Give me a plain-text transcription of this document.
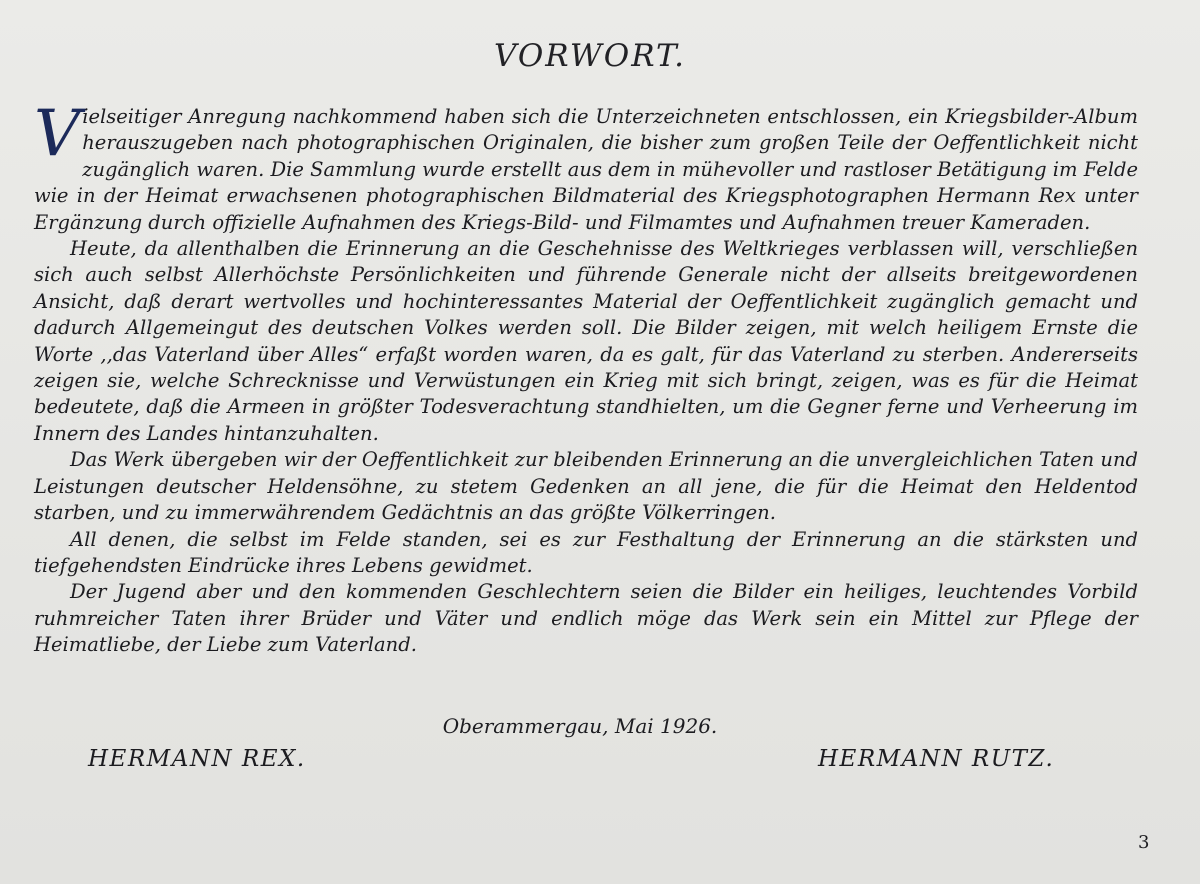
VORWORT.

Vielseitiger Anregung nachkommend haben sich die Unterzeichneten entschlossen, ein Kriegsbilder-Album herauszugeben nach photographischen Originalen, die bisher zum großen Teile der Oeffentlichkeit nicht zugänglich waren. Die Sammlung wurde erstellt aus dem in mühevoller und rastloser Betätigung im Felde wie in der Heimat erwachsenen photographischen Bildmaterial des Kriegsphotographen Hermann Rex unter Ergänzung durch offizielle Aufnahmen des Kriegs-Bild- und Filmamtes und Aufnahmen treuer Kameraden.

Heute, da allenthalben die Erinnerung an die Geschehnisse des Weltkrieges verblassen will, verschließen sich auch selbst Allerhöchste Persönlichkeiten und führende Generale nicht der allseits breitgewordenen Ansicht, daß derart wertvolles und hochinteressantes Material der Oeffentlichkeit zugänglich gemacht und dadurch Allgemeingut des deutschen Volkes werden soll. Die Bilder zeigen, mit welch heiligem Ernste die Worte ,,das Vaterland über Alles“ erfaßt worden waren, da es galt, für das Vaterland zu sterben. Andererseits zeigen sie, welche Schrecknisse und Verwüstungen ein Krieg mit sich bringt, zeigen, was es für die Heimat bedeutete, daß die Armeen in größter Todesverachtung standhielten, um die Gegner ferne und Verheerung im Innern des Landes hintanzuhalten.

Das Werk übergeben wir der Oeffentlichkeit zur bleibenden Erinnerung an die unvergleichlichen Taten und Leistungen deutscher Heldensöhne, zu stetem Gedenken an all jene, die für die Heimat den Heldentod starben, und zu immerwährendem Gedächtnis an das größte Völkerringen.

All denen, die selbst im Felde standen, sei es zur Festhaltung der Erinnerung an die stärksten und tiefgehendsten Eindrücke ihres Lebens gewidmet.

Der Jugend aber und den kommenden Geschlechtern seien die Bilder ein heiliges, leuchtendes Vorbild ruhmreicher Taten ihrer Brüder und Väter und endlich möge das Werk sein ein Mittel zur Pflege der Heimatliebe, der Liebe zum Vaterland.

Oberammergau, Mai 1926.
HERMANN REX.	HERMANN RUTZ.
3
